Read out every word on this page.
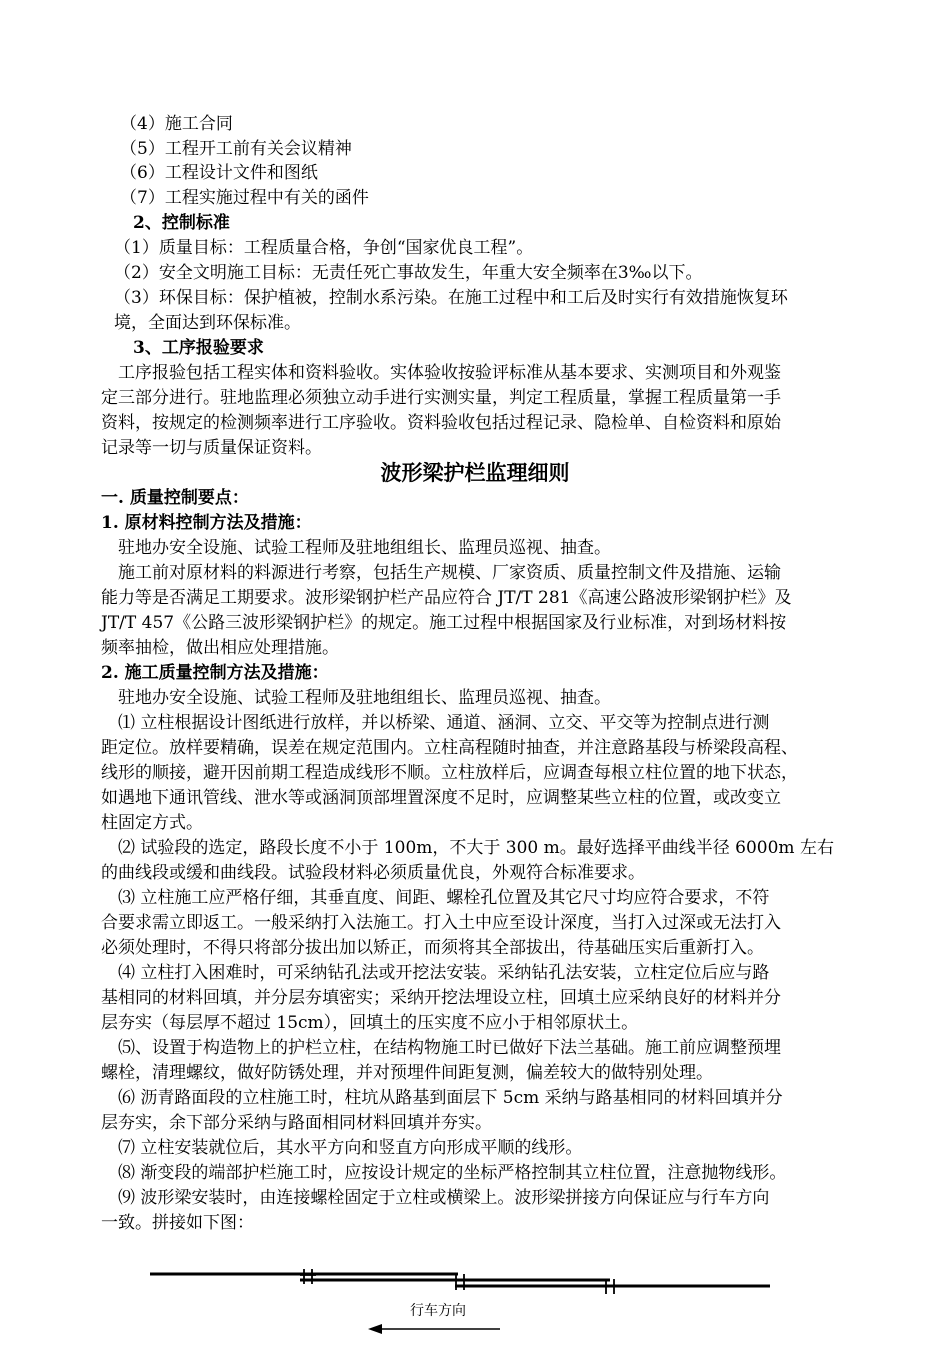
（4）施工合同
（5）工程开工前有关会议精神
（6）工程设计文件和图纸
（7）工程实施过程中有关的函件
2、控制标准
（1）质量目标：工程质量合格，争创“国家优良工程”。
（2）安全文明施工目标：无责任死亡事故发生，年重大安全频率在3‰以下。
（3）环保目标：保护植被，控制水系污染。在施工过程中和工后及时实行有效措施恢复环
境，全面达到环保标准。
3、工序报验要求
工序报验包括工程实体和资料验收。实体验收按验评标准从基本要求、实测项目和外观鉴
定三部分进行。驻地监理必须独立动手进行实测实量，判定工程质量，掌握工程质量第一手
资料，按规定的检测频率进行工序验收。资料验收包括过程记录、隐检单、自检资料和原始
记录等一切与质量保证资料。
波形梁护栏监理细则
一. 质量控制要点：
1. 原材料控制方法及措施：
驻地办安全设施、试验工程师及驻地组组长、监理员巡视、抽查。
施工前对原材料的料源进行考察，包括生产规模、厂家资质、质量控制文件及措施、运输
能力等是否满足工期要求。波形梁钢护栏产品应符合 JT/T 281《高速公路波形梁钢护栏》及
JT/T 457《公路三波形梁钢护栏》的规定。施工过程中根据国家及行业标准，对到场材料按
频率抽检，做出相应处理措施。
2. 施工质量控制方法及措施：
驻地办安全设施、试验工程师及驻地组组长、监理员巡视、抽查。
⑴ 立柱根据设计图纸进行放样，并以桥梁、通道、涵洞、立交、平交等为控制点进行测
距定位。放样要精确，误差在规定范围内。立柱高程随时抽查，并注意路基段与桥梁段高程、
线形的顺接，避开因前期工程造成线形不顺。立柱放样后，应调查每根立柱位置的地下状态，
如遇地下通讯管线、泄水等或涵洞顶部埋置深度不足时，应调整某些立柱的位置，或改变立
柱固定方式。
⑵ 试验段的选定，路段长度不小于 100m，不大于 300 m。最好选择平曲线半径 6000m 左右
的曲线段或缓和曲线段。试验段材料必须质量优良，外观符合标准要求。
⑶ 立柱施工应严格仔细，其垂直度、间距、螺栓孔位置及其它尺寸均应符合要求，不符
合要求需立即返工。一般采纳打入法施工。打入土中应至设计深度，当打入过深或无法打入
必须处理时，不得只将部分拔出加以矫正，而须将其全部拔出，待基础压实后重新打入。
⑷ 立柱打入困难时，可采纳钻孔法或开挖法安装。采纳钻孔法安装，立柱定位后应与路
基相同的材料回填，并分层夯填密实；采纳开挖法埋设立柱，回填土应采纳良好的材料并分
层夯实（每层厚不超过 15cm），回填土的压实度不应小于相邻原状土。
⑸、设置于构造物上的护栏立柱，在结构物施工时已做好下法兰基础。施工前应调整预埋
螺栓，清理螺纹，做好防锈处理，并对预埋件间距复测，偏差较大的做特别处理。
⑹ 沥青路面段的立柱施工时，柱坑从路基到面层下 5cm 采纳与路基相同的材料回填并分
层夯实，余下部分采纳与路面相同材料回填并夯实。
⑺ 立柱安装就位后，其水平方向和竖直方向形成平顺的线形。
⑻ 渐变段的端部护栏施工时，应按设计规定的坐标严格控制其立柱位置，注意抛物线形。
⑼ 波形梁安装时，由连接螺栓固定于立柱或横梁上。波形梁拼接方向保证应与行车方向
一致。拼接如下图：
行车方向
